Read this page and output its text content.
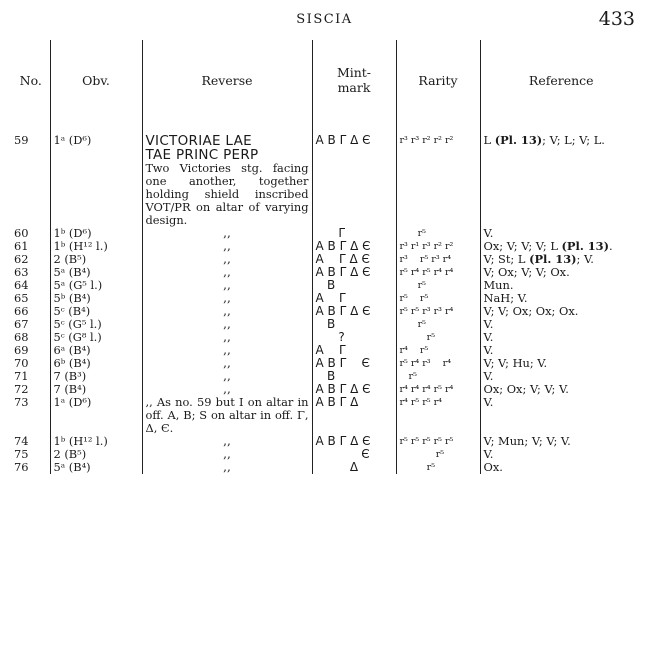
SISCIA	433
No.	Obv.	Reverse	Mint-
mark	Rarity	Reference
59	1ᵃ (D⁶)	VICTORIAE LAE
TAE PRINC PERP
Two Victories stg. facing one another, together holding shield inscribed VOT/PR on altar of varying design.	A B Γ Δ Є	r³ r³ r² r² r²	L (Pl. 13); V; L; V; L.
60	1ᵇ (D⁶)	,,	Γ	r⁵	V.
61	1ᵇ (H¹² l.)	,,	A B Γ Δ Є	r³ r¹ r³ r² r²	Ox; V; V; V; L (Pl. 13).
62	2 (B⁵)	,,	A    Γ Δ Є	r³    r⁵ r³ r⁴	V; St; L (Pl. 13); V.
63	5ᵃ (B⁴)	,,	A B Γ Δ Є	r⁵ r⁴ r⁵ r⁴ r⁴	V; Ox; V; V; Ox.
64	5ᵃ (G⁵ l.)	,,	B	r⁵	Mun.
65	5ᵇ (B⁴)	,,	A    Γ	r⁵    r⁵	NaH; V.
66	5ᶜ (B⁴)	,,	A B Γ Δ Є	r⁵ r⁵ r³ r³ r⁴	V; V; Ox; Ox; Ox.
67	5ᶜ (G⁵ l.)	,,	B	r⁵	V.
68	5ᶜ (G⁸ l.)	,,	?	r⁵	V.
69	6ᵃ (B⁴)	,,	A    Γ	r⁴    r⁵	V.
70	6ᵇ (B⁴)	,,	A B Γ    Є	r⁵ r⁴ r³    r⁴	V; V; Hu; V.
71	7 (B³)	,,	B	r⁵	V.
72	7 (B⁴)	,,	A B Γ Δ Є	r⁴ r⁴ r⁴ r⁵ r⁴	Ox; Ox; V; V; V.
73	1ᵃ (D⁶)	,, As no. 59 but I on altar in off. A, B; S on altar in off. Γ, Δ, Є.	A B Γ Δ	r⁴ r⁵ r⁵ r⁴	V.
74	1ᵇ (H¹² l.)	,,	A B Γ Δ Є	r⁵ r⁵ r⁵ r⁵ r⁵	V; Mun; V; V; V.
75	2 (B⁵)	,,	Є	r⁵	V.
76	5ᵃ (B⁴)	,,	Δ	r⁵	Ox.
